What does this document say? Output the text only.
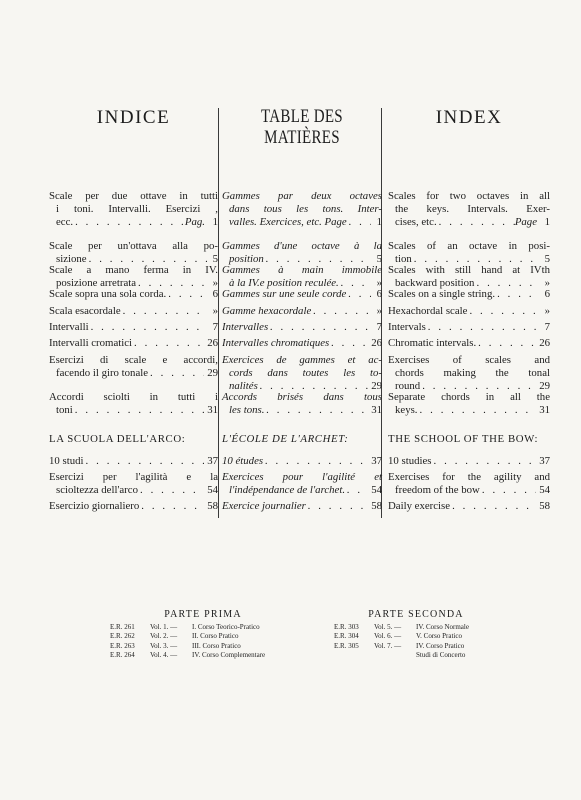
INDICE
Scale per due ottave in tutti
i toni. Intervalli. Esercizi ,
ecc. . . .	Pag. 1
Scale per un'ottava alla po-
sizione . . .	5
Scale a mano ferma in IV.
posizione arretrata . . .	»
Scale sopra una sola corda. . . .	6
Scala esacordale . . .	»
Intervalli . . .	7
Intervalli cromatici . . .	26
Esercizi di scale e accordi,
facendo il giro tonale . . .	29
Accordi sciolti in tutti i
toni . . .	31
LA SCUOLA DELL'ARCO:
10 studi . . .	37
Esercizi per l'agilità e la
scioltezza dell'arco . . .	54
Esercizio giornaliero . . .	58
TABLE DES MATIÈRES
Gammes par deux octaves
dans tous les tons. Inter-
valles. Exercices, etc. Page . . .	1
Gammes d'une octave à la
position . . .	5
Gammes à main immobile
à la IV.e position reculée. . . .	»
Gammes sur une seule corde . . .	6
Gamme hexacordale . . .	»
Intervalles . . .	7
Intervalles chromatiques . . .	26
Exercices de gammes et ac-
cords dans toutes les to-
nalités . . .	29
Accords brisés dans tous
les tons. . . .	31
L'ÉCOLE DE L'ARCHET:
10 études . . .	37
Exercices pour l'agilité et
l'indépendance de l'archet. . . . 54
Exercice journalier . . .	58
INDEX
Scales for two octaves in all
the keys. Intervals. Exer-
cises, etc. . . .	Page 1
Scales of an octave in posi-
tion . . .	5
Scales with still hand at IVth
backward position . . .	»
Scales on a single string. . . .	6
Hexachordal scale . . .	»
Intervals . . .	7
Chromatic intervals. . . .	26
Exercises of scales and
chords making the tonal
round . . .	29
Separate chords in all the
keys. . . .	31
THE SCHOOL OF THE BOW:
10 studies . . .	37
Exercises for the agility and
freedom of the bow . . .	54
Daily exercise . . .	58
PARTE PRIMA
E.R. 261	Vol. 1. —	I. Corso Teorico-Pratico
E.R. 262	Vol. 2. —	II. Corso Pratico
E.R. 263	Vol. 3. —	III. Corso Pratico
E.R. 264	Vol. 4. —	IV. Corso Complementare
PARTE SECONDA
E.R. 303	Vol. 5. —	IV. Corso Normale
E.R. 304	Vol. 6. —	V. Corso Pratico
E.R. 305	Vol. 7. —	IV. Corso Pratico
Studi di Concerto
